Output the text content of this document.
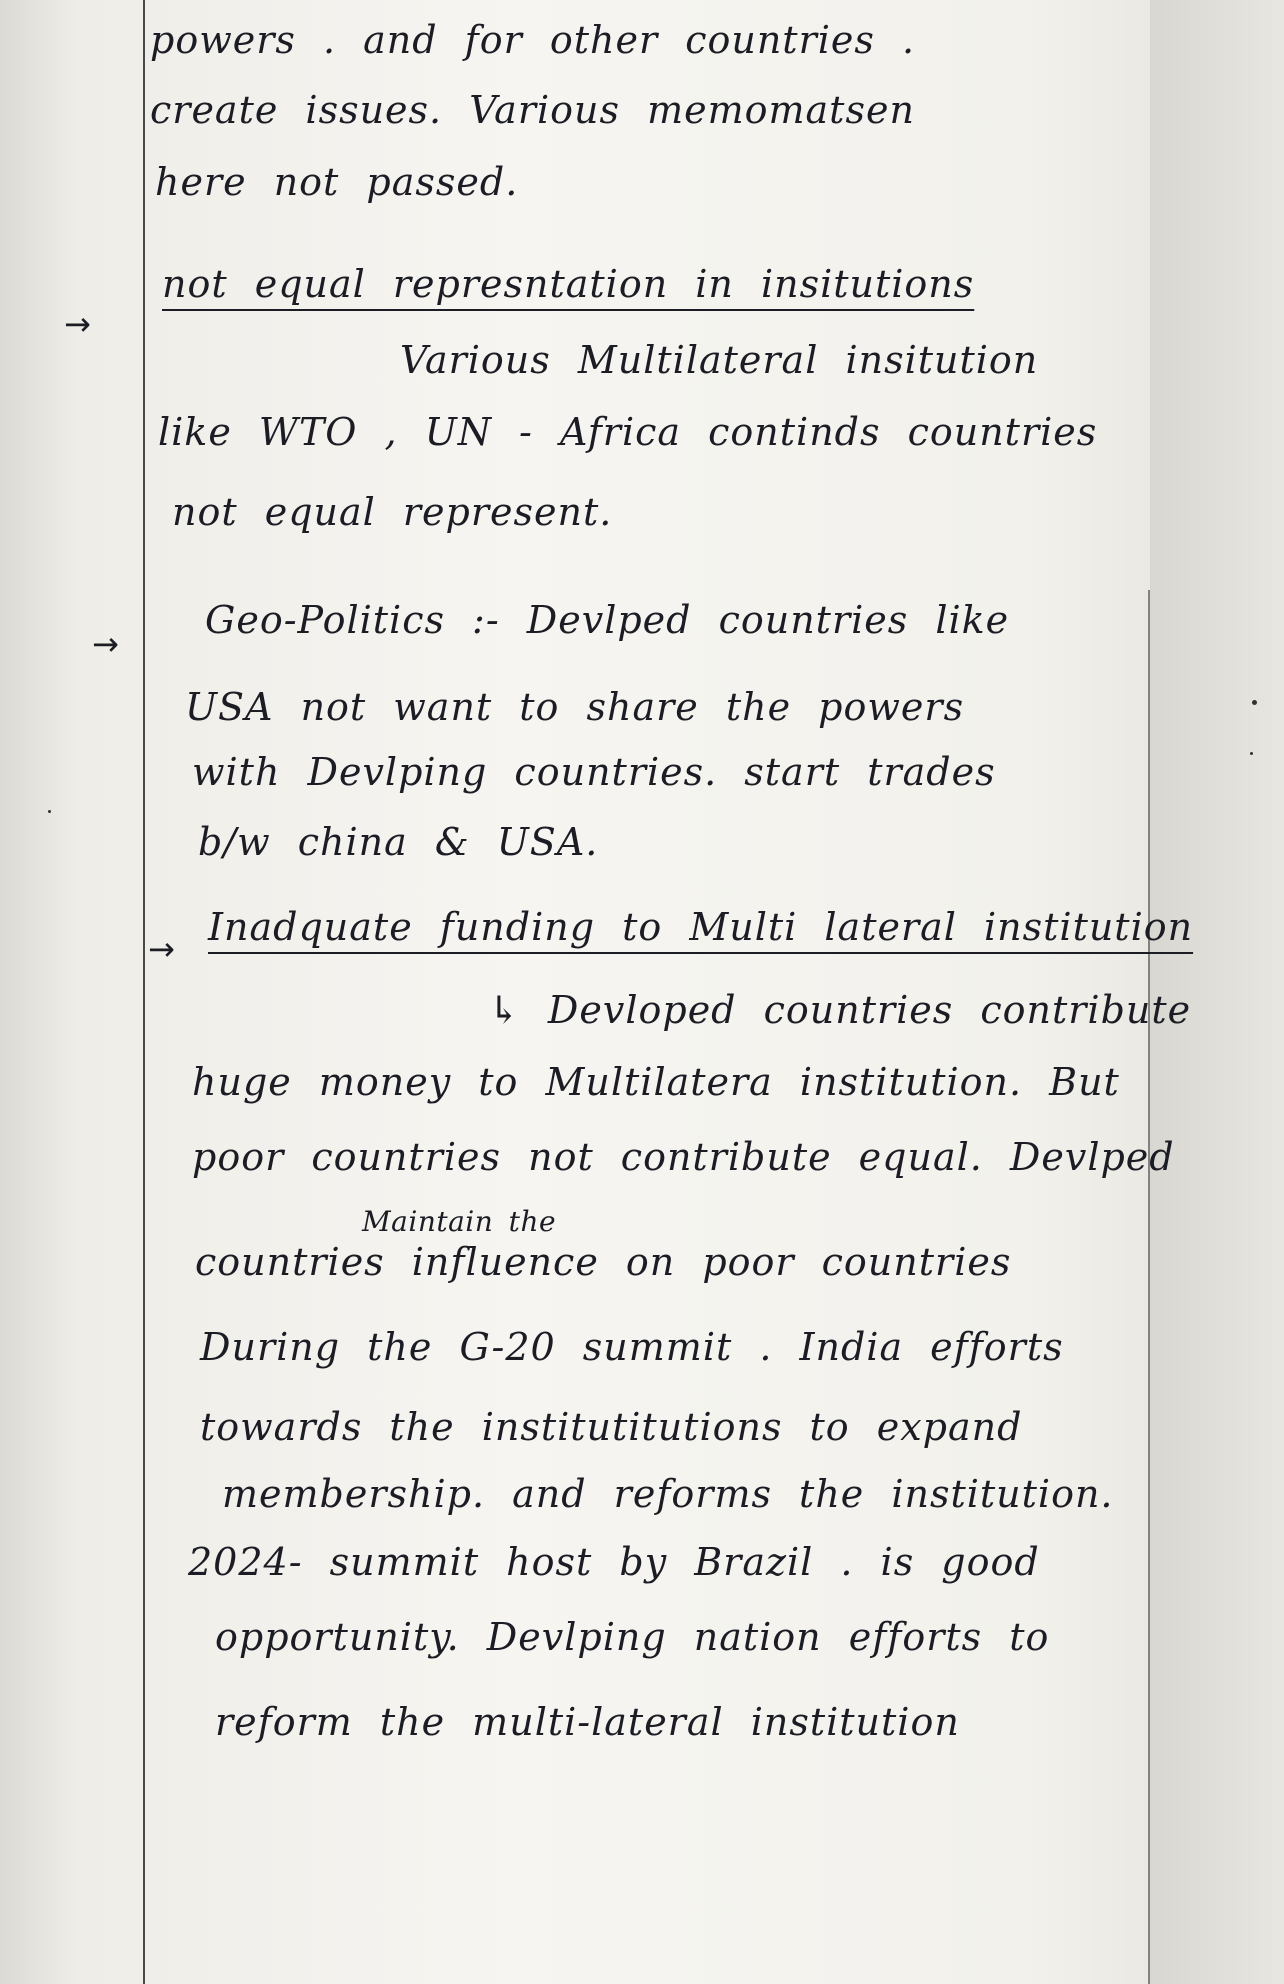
powers . and for other countries .
create issues. Various memomatsen
here not passed.
→
not equal represntation in insitutions
Various Multilateral insitution
like WTO , UN - Africa continds countries
not equal represent.
→
Geo-Politics :- Devlped countries like
USA not want to share the powers
with Devlping countries. start trades
b/w china & USA.
→ Inadquate funding to Multi lateral institution
↳ Devloped countries contribute
huge money to Multilatera institution. But
poor countries not contribute equal. Devlped
Maintain the
countries influence on poor countries
During the G-20 summit . India efforts
towards the institutitutions to expand
membership. and reforms the institution.
2024- summit host by Brazil . is good
opportunity. Devlping nation efforts to
reform the multi-lateral institution
